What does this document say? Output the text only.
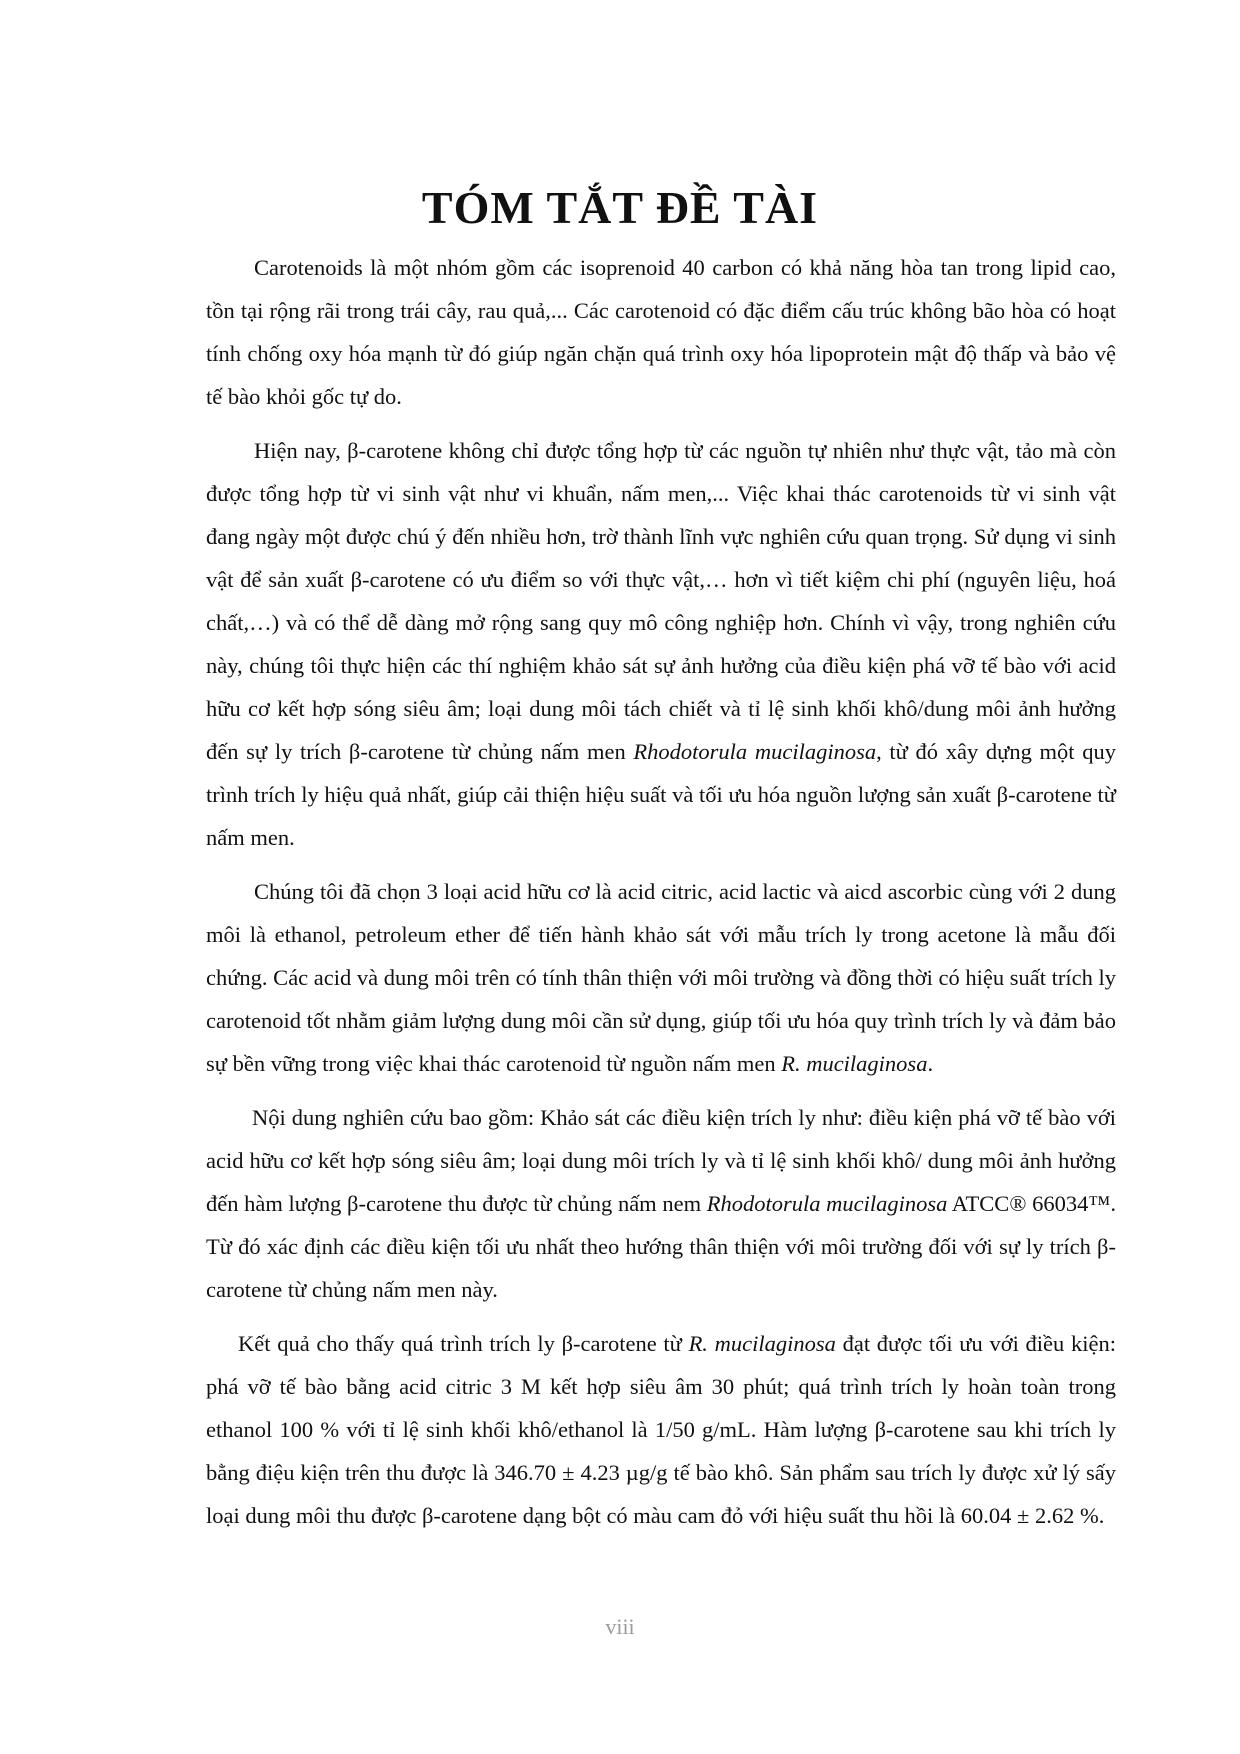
TÓM TẮT ĐỀ TÀI

Carotenoids là một nhóm gồm các isoprenoid 40 carbon có khả năng hòa tan trong lipid cao, tồn tại rộng rãi trong trái cây, rau quả,... Các carotenoid có đặc điểm cấu trúc không bão hòa có hoạt tính chống oxy hóa mạnh từ đó giúp ngăn chặn quá trình oxy hóa lipoprotein mật độ thấp và bảo vệ tế bào khỏi gốc tự do.

Hiện nay, β-carotene không chỉ được tổng hợp từ các nguồn tự nhiên như thực vật, tảo mà còn được tổng hợp từ vi sinh vật như vi khuẩn, nấm men,... Việc khai thác carotenoids từ vi sinh vật đang ngày một được chú ý đến nhiều hơn, trờ thành lĩnh vực nghiên cứu quan trọng. Sử dụng vi sinh vật để sản xuất β-carotene có ưu điểm so với thực vật,… hơn vì tiết kiệm chi phí (nguyên liệu, hoá chất,…) và có thể dễ dàng mở rộng sang quy mô công nghiệp hơn. Chính vì vậy, trong nghiên cứu này, chúng tôi thực hiện các thí nghiệm khảo sát sự ảnh hưởng của điều kiện phá vỡ tế bào với acid hữu cơ kết hợp sóng siêu âm; loại dung môi tách chiết và tỉ lệ sinh khối khô/dung môi ảnh hưởng đến sự ly trích β-carotene từ chủng nấm men Rhodotorula mucilaginosa, từ đó xây dựng một quy trình trích ly hiệu quả nhất, giúp cải thiện hiệu suất và tối ưu hóa nguồn lượng sản xuất β-carotene từ nấm men.

Chúng tôi đã chọn 3 loại acid hữu cơ là acid citric, acid lactic và aicd ascorbic cùng với 2 dung môi là ethanol, petroleum ether để tiến hành khảo sát với mẫu trích ly trong acetone là mẫu đối chứng. Các acid và dung môi trên có tính thân thiện với môi trường và đồng thời có hiệu suất trích ly carotenoid tốt nhằm giảm lượng dung môi cần sử dụng, giúp tối ưu hóa quy trình trích ly và đảm bảo sự bền vững trong việc khai thác carotenoid từ nguồn nấm men R. mucilaginosa.

Nội dung nghiên cứu bao gồm: Khảo sát các điều kiện trích ly như: điều kiện phá vỡ tế bào với acid hữu cơ kết hợp sóng siêu âm; loại dung môi trích ly và tỉ lệ sinh khối khô/ dung môi ảnh hưởng đến hàm lượng β-carotene thu được từ chủng nấm nem Rhodotorula mucilaginosa ATCC® 66034™. Từ đó xác định các điều kiện tối ưu nhất theo hướng thân thiện với môi trường đối với sự ly trích β-carotene từ chủng nấm men này.

Kết quả cho thấy quá trình trích ly β-carotene từ R. mucilaginosa đạt được tối ưu với điều kiện: phá vỡ tế bào bằng acid citric 3 M kết hợp siêu âm 30 phút; quá trình trích ly hoàn toàn trong ethanol 100 % với tỉ lệ sinh khối khô/ethanol là 1/50 g/mL. Hàm lượng β-carotene sau khi trích ly bằng điệu kiện trên thu được là 346.70 ± 4.23 µg/g tế bào khô. Sản phẩm sau trích ly được xử lý sấy loại dung môi thu được β-carotene dạng bột có màu cam đỏ với hiệu suất thu hồi là 60.04 ± 2.62 %.

viii
